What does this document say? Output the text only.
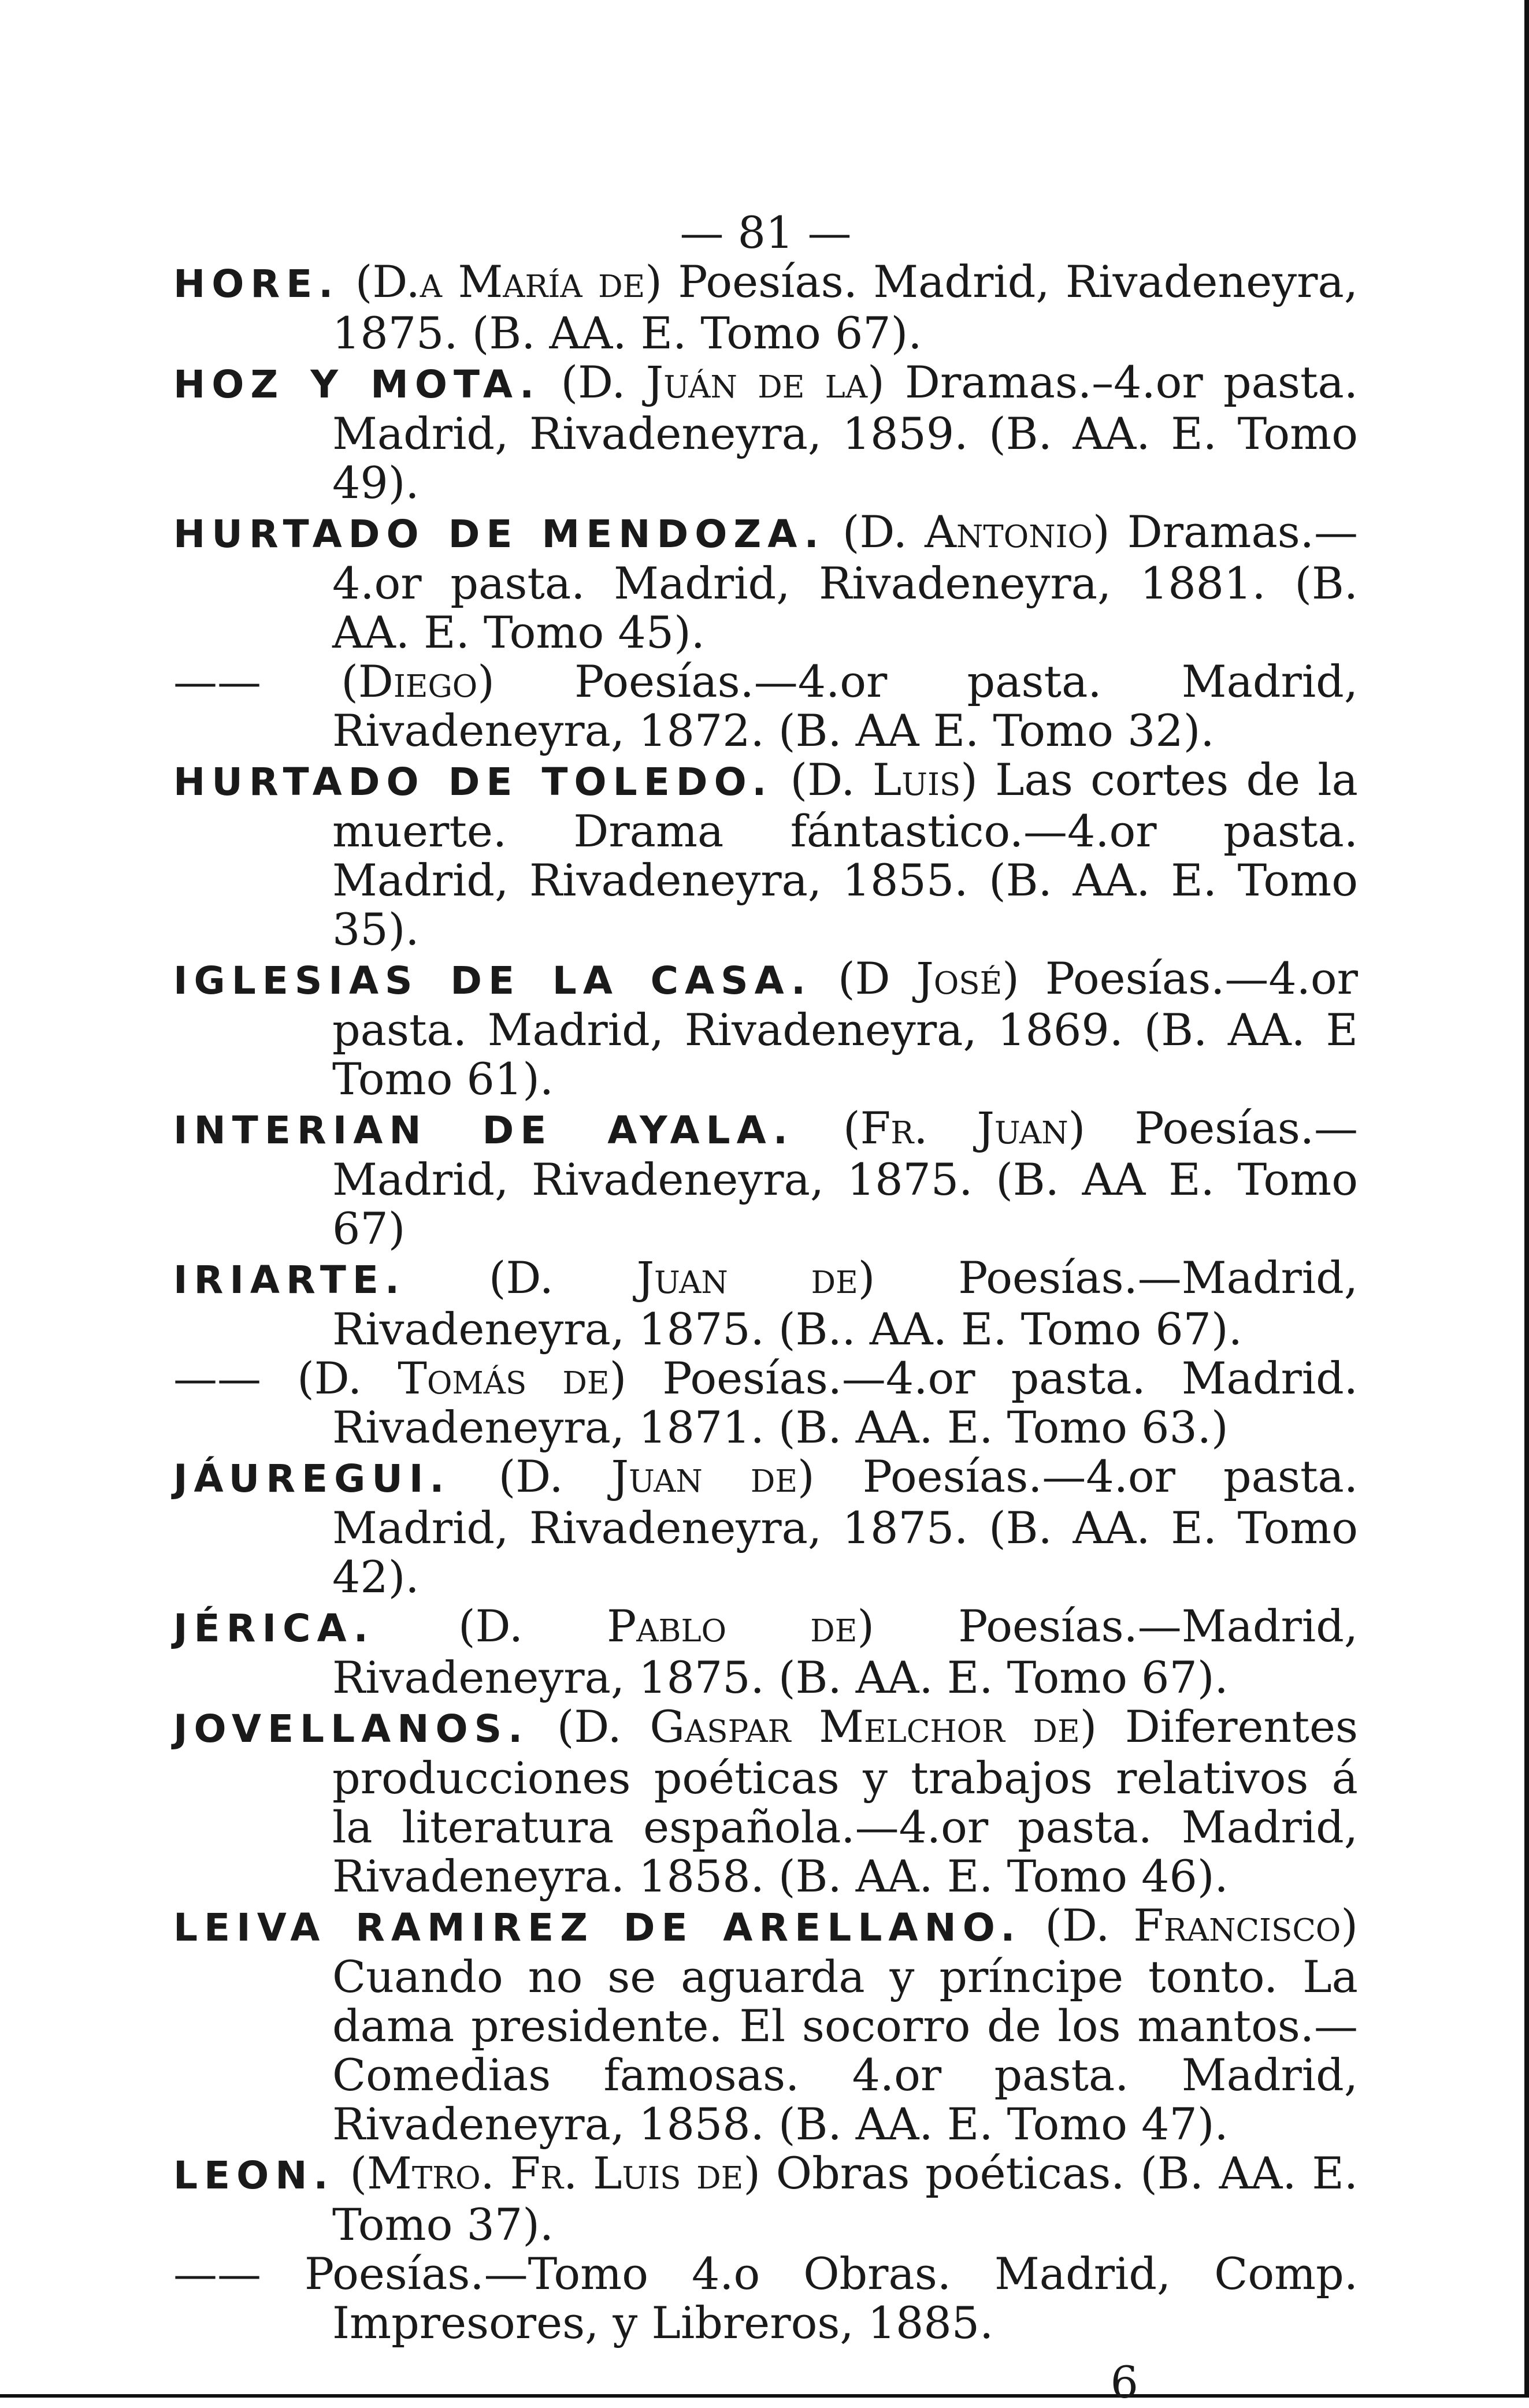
— 81 —

HORE. (D.a María de) Poesías. Madrid, Rivadeneyra, 1875. (B. AA. E. Tomo 67).

HOZ Y MOTA. (D. Juán de la) Dramas.–4.or pasta. Madrid, Rivadeneyra, 1859. (B. AA. E. Tomo 49).

HURTADO DE MENDOZA. (D. Antonio) Dramas.—4.or pasta. Madrid, Rivadeneyra, 1881. (B. AA. E. Tomo 45).

—— (Diego) Poesías.—4.or pasta. Madrid, Rivadeneyra, 1872. (B. AA E. Tomo 32).

HURTADO DE TOLEDO. (D. Luis) Las cortes de la muerte. Drama fántastico.—4.or pasta. Madrid, Rivadeneyra, 1855. (B. AA. E. Tomo 35).

IGLESIAS DE LA CASA. (D José) Poesías.—4.or pasta. Madrid, Rivadeneyra, 1869. (B. AA. E Tomo 61).

INTERIAN DE AYALA. (Fr. Juan) Poesías.—Madrid, Rivadeneyra, 1875. (B. AA E. Tomo 67)

IRIARTE. (D. Juan de) Poesías.—Madrid, Rivadeneyra, 1875. (B.. AA. E. Tomo 67).

—— (D. Tomás de) Poesías.—4.or pasta. Madrid. Rivadeneyra, 1871. (B. AA. E. Tomo 63.)

JÁUREGUI. (D. Juan de) Poesías.—4.or pasta. Madrid, Rivadeneyra, 1875. (B. AA. E. Tomo 42).

JÉRICA. (D. Pablo de) Poesías.—Madrid, Rivadeneyra, 1875. (B. AA. E. Tomo 67).

JOVELLANOS. (D. Gaspar Melchor de) Diferentes producciones poéticas y trabajos relativos á la literatura española.—4.or pasta. Madrid, Rivadeneyra. 1858. (B. AA. E. Tomo 46).

LEIVA RAMIREZ DE ARELLANO. (D. Francisco) Cuando no se aguarda y príncipe tonto. La dama presidente. El socorro de los mantos.—Comedias famosas. 4.or pasta. Madrid, Rivadeneyra, 1858. (B. AA. E. Tomo 47).

LEON. (Mtro. Fr. Luis de) Obras poéticas. (B. AA. E. Tomo 37).

—— Poesías.—Tomo 4.o Obras. Madrid, Comp. Impresores, y Libreros, 1885.

6
